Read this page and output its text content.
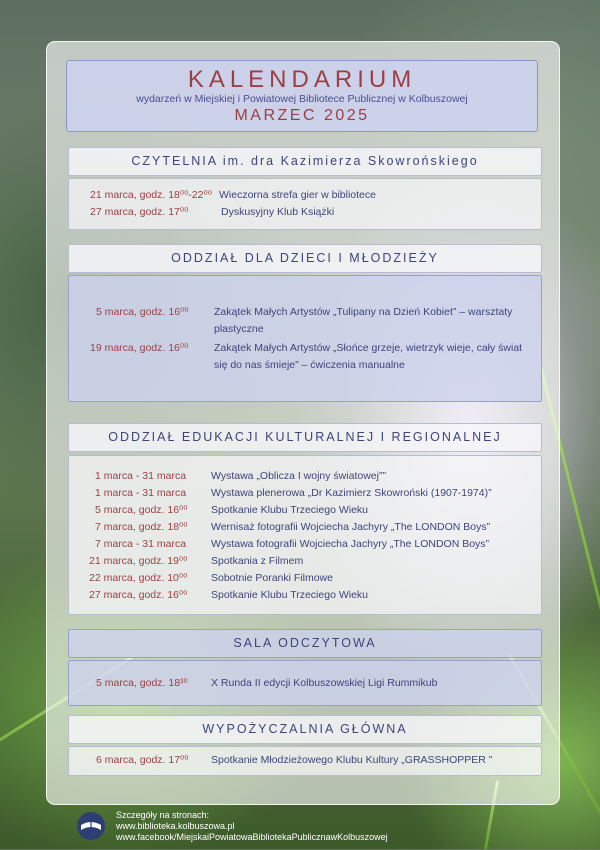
KALENDARIUM
wydarzeń w Miejskiej i Powiatowej Bibliotece Publicznej w Kolbuszowej
MARZEC 2025
CZYTELNIA im. dra Kazimierza Skowrońskiego
21 marca, godz. 18⁰⁰-22⁰⁰ Wieczorna strefa gier w bibliotece
27 marca, godz. 17⁰⁰	Dyskusyjny Klub Książki
ODDZIAŁ DLA DZIECI I MŁODZIEŻY
5 marca, godz. 16⁰⁰ Zakątek Małych Artystów „Tulipany na Dzień Kobiet” – warsztaty plastyczne
19 marca, godz. 16⁰⁰ Zakątek Małych Artystów „Słońce grzeje, wietrzyk wieje, cały świat się do nas śmieje” – ćwiczenia manualne
ODDZIAŁ EDUKACJI KULTURALNEJ I REGIONALNEJ
1 marca - 31 marca Wystawa „Oblicza I wojny światowej””
1 marca - 31 marca Wystawa plenerowa „Dr Kazimierz Skowroński (1907-1974)”
5 marca, godz. 16⁰⁰ Spotkanie Klubu Trzeciego Wieku
7 marca, godz. 18⁰⁰ Wernisaż fotografii Wojciecha Jachyry „The LONDON Boys”
7 marca - 31 marca Wystawa fotografii Wojciecha Jachyry „The LONDON Boys”
21 marca, godz. 19⁰⁰ Spotkania z Filmem
22 marca, godz. 10⁰⁰ Sobotnie Poranki Filmowe
27 marca, godz. 16⁰⁰ Spotkanie Klubu Trzeciego Wieku
SALA ODCZYTOWA
5 marca, godz. 18³⁰ X Runda II edycji Kolbuszowskiej Ligi Rummikub
WYPOŻYCZALNIA GŁÓWNA
6 marca, godz. 17⁰⁰ Spotkanie Młodzieżowego Klubu Kultury „GRASSHOPPER ”
Szczegóły na stronach:
www.biblioteka.kolbuszowa.pl
www.facebook/MiejskaiPowiatowaBibliotekaPublicznawKolbuszowej
